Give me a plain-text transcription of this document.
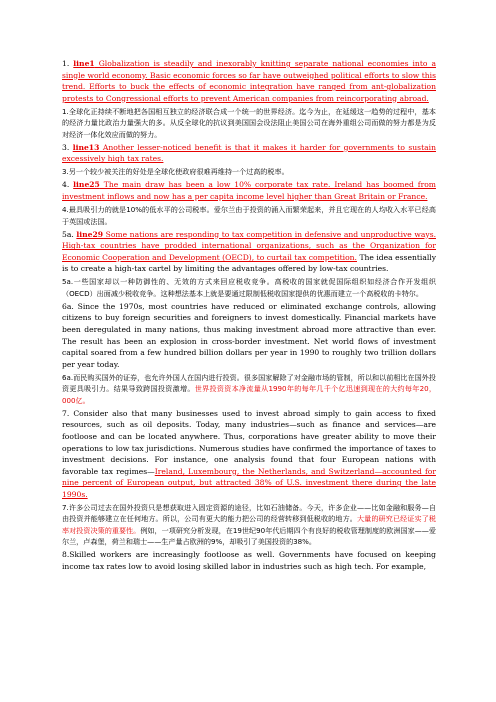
1. line1 Globalization is steadily and inexorably knitting separate national economies into a single world economy. Basic economic forces so far have outweighed political efforts to slow this trend. Efforts to buck the effects of economic integration have ranged from ant-globalization protests to Congressional efforts to prevent American companies from reincorporating abroad.

1.全球化正持续不断地把各国相互独立的经济联合成一个统一的世界经济。迄今为止，在延缓这一趋势的过程中，基本的经济力量比政治力量强大的多。从反全球化的抗议到美国国会设法阻止美国公司在海外重组公司而做的努力都是为反对经济一体化效应而做的努力。

3. line13 Another lesser-noticed benefit is that it makes it harder for governments to sustain excessively high tax rates.

3.另一个较少被关注的好处是全球化使政府很难再维持一个过高的税率。

4. line25 The main draw has been a low 10% corporate tax rate. Ireland has boomed from investment inflows and now has a per capita income level higher than Great Britain or France.

4.最具吸引力的就是10%的低水平的公司税率。爱尔兰由于投资的涌入而繁荣起来，并且它现在的人均收入水平已经高于英国或法国。

5a. line29 Some nations are responding to tax competition in defensive and unproductive ways. High-tax countries have prodded international organizations, such as the Organization for Economic Cooperation and Development (OECD), to curtail tax competition. The idea essentially is to create a high-tax cartel by limiting the advantages offered by low-tax countries.

5a.一些国家却以一种防御性的、无效的方式来回应税收竞争。高税收的国家就促国际组织如经济合作开发组织（OECD）出面减少税收竞争。这种想法基本上就是要通过限制低税收国家提供的优惠而建立一个高税收的卡特尔。

6a. Since the 1970s, most countries have reduced or eliminated exchange controls, allowing citizens to buy foreign securities and foreigners to invest domestically. Financial markets have been deregulated in many nations, thus making investment abroad more attractive than ever. The result has been an explosion in cross-border investment. Net world flows of investment capital soared from a few hundred billion dollars per year in 1990 to roughly two trillion dollars per year today.

6a.而民购买国外的证券，也允许外国人在国内进行投资。很多国家解除了对金融市场的管制，所以和以前相比在国外投资更具吸引力。结果导致跨国投资激增。世界投资资本净流量从1990年的每年几千个亿迅速到现在的大约每年20，000亿。

7. Consider also that many businesses used to invest abroad simply to gain access to fixed resources, such as oil deposits. Today, many industries—such as finance and services—are footloose and can be located anywhere. Thus, corporations have greater ability to move their operations to low tax jurisdictions. Numerous studies have confirmed the importance of taxes to investment decisions. For instance, one analysis found that four European nations with favorable tax regimes—Ireland, Luxembourg, the Netherlands, and Switzerland—accounted for nine percent of European output, but attracted 38% of U.S. investment there during the late 1990s.

7.许多公司过去在国外投资只是想获取进入固定资源的途径，比如石油储备。今天，许多企业——比如金融和服务—自由投资并能够建立在任何地方。所以，公司有更大的能力把公司的经营转移到低税收的地方。大量的研究已经证实了税率对投资决策的重要性。例如，一项研究分析发现，在19世纪90年代后期四个有良好的税收管理制度的欧洲国家——爱尔兰，卢森堡，荷兰和瑞士——生产量占欧洲的9%，却吸引了美国投资的38%。

8.Skilled workers are increasingly footloose as well. Governments have focused on keeping income tax rates low to avoid losing skilled labor in industries such as high tech. For example,
